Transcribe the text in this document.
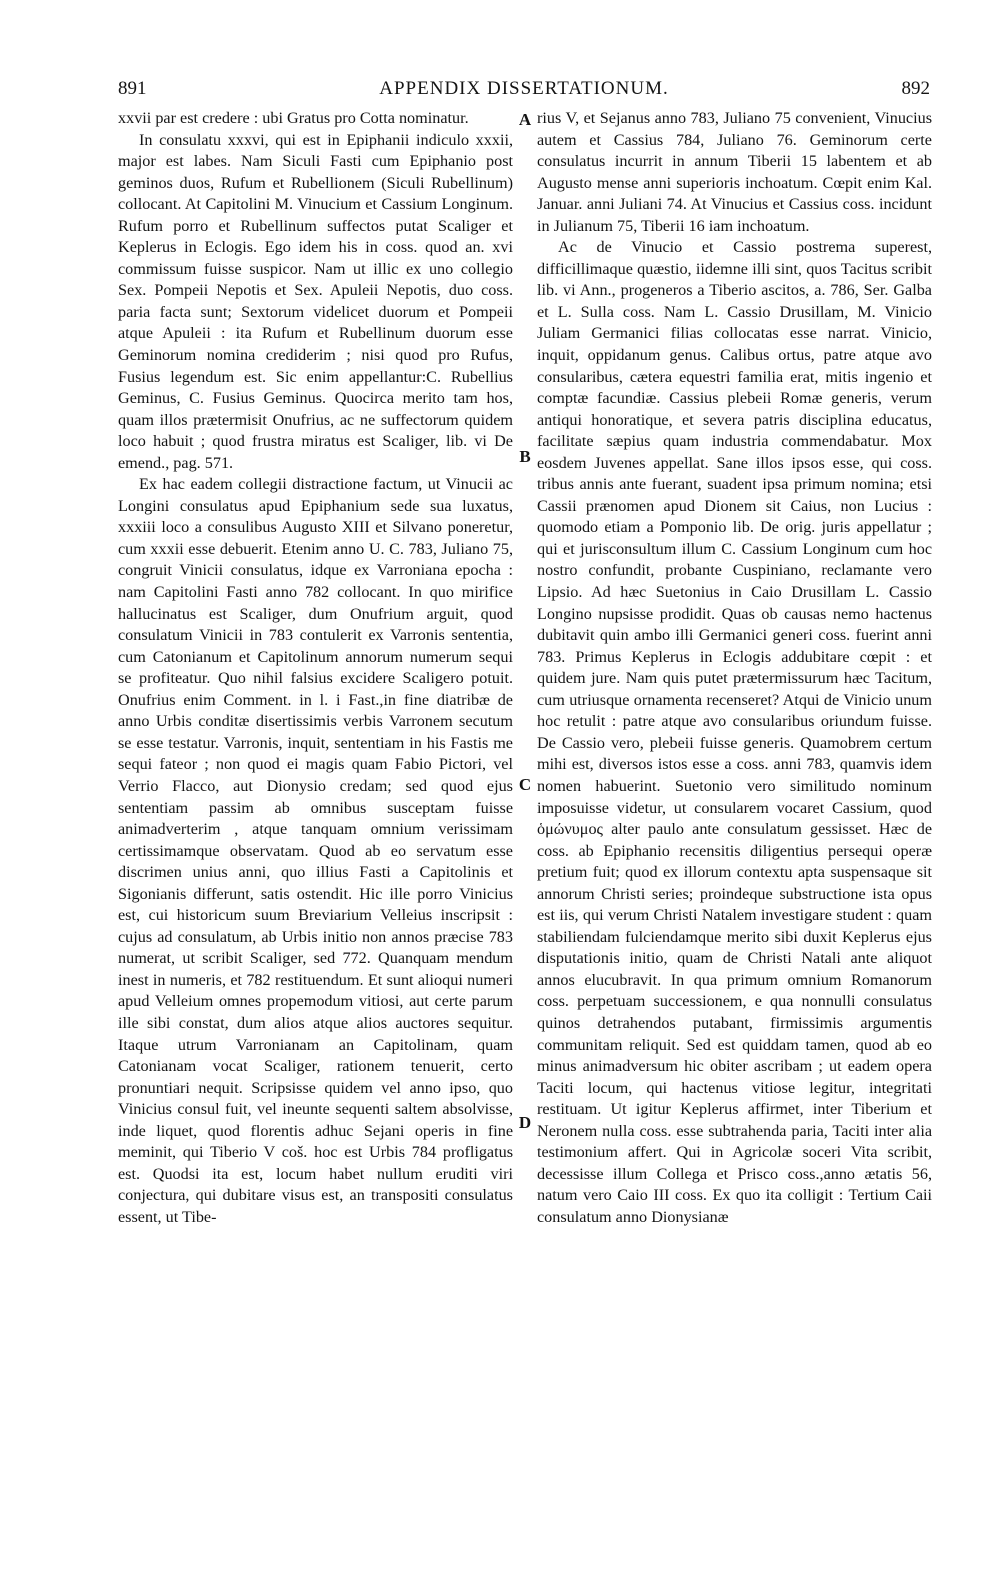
891	APPENDIX DISSERTATIONUM.	892

xxvii par est credere : ubi Gratus pro Cotta nominatur.

In consulatu xxxvi, qui est in Epiphanii indiculo xxxii, major est labes. Nam Siculi Fasti cum Epiphanio post geminos duos, Rufum et Rubellionem (Siculi Rubellinum) collocant. At Capitolini M. Vinucium et Cassium Longinum. Rufum porro et Rubellinum suffectos putat Scaliger et Keplerus in Eclogis. Ego idem his in coss. quod an. xvi commissum fuisse suspicor. Nam ut illic ex uno collegio Sex. Pompeii Nepotis et Sex. Apuleii Nepotis, duo coss. paria facta sunt; Sextorum videlicet duorum et Pompeii atque Apuleii : ita Rufum et Rubellinum duorum esse Geminorum nomina crediderim ; nisi quod pro Rufus, Fusius legendum est. Sic enim appellantur:C. Rubellius Geminus, C. Fusius Geminus. Quocirca merito tam hos, quam illos prætermisit Onufrius, ac ne suffectorum quidem loco habuit ; quod frustra miratus est Scaliger, lib. vi De emend., pag. 571.

Ex hac eadem collegii distractione factum, ut Vinucii ac Longini consulatus apud Epiphanium sede sua luxatus, xxxiii loco a consulibus Augusto XIII et Silvano poneretur, cum xxxii esse debuerit. Etenim anno U. C. 783, Juliano 75, congruit Vinicii consulatus, idque ex Varroniana epocha : nam Capitolini Fasti anno 782 collocant. In quo mirifice hallucinatus est Scaliger, dum Onufrium arguit, quod consulatum Vinicii in 783 contulerit ex Varronis sententia, cum Catonianum et Capitolinum annorum numerum sequi se profiteatur. Quo nihil falsius excidere Scaligero potuit. Onufrius enim Comment. in l. i Fast.,in fine diatribæ de anno Urbis conditæ disertissimis verbis Varronem secutum se esse testatur. Varronis, inquit, sententiam in his Fastis me sequi fateor ; non quod ei magis quam Fabio Pictori, vel Verrio Flacco, aut Dionysio credam; sed quod ejus sententiam passim ab omnibus susceptam fuisse animadverterim , atque tanquam omnium verissimam certissimamque observatam. Quod ab eo servatum esse discrimen unius anni, quo illius Fasti a Capitolinis et Sigonianis differunt, satis ostendit. Hic ille porro Vinicius est, cui historicum suum Breviarium Velleius inscripsit : cujus ad consulatum, ab Urbis initio non annos præcise 783 numerat, ut scribit Scaliger, sed 772. Quanquam mendum inest in numeris, et 782 restituendum. Et sunt alioqui numeri apud Velleium omnes propemodum vitiosi, aut certe parum ille sibi constat, dum alios atque alios auctores sequitur. Itaque utrum Varronianam an Capitolinam, quam Catonianam vocat Scaliger, rationem tenuerit, certo pronuntiari nequit. Scripsisse quidem vel anno ipso, quo Vinicius consul fuit, vel ineunte sequenti saltem absolvisse, inde liquet, quod florentis adhuc Sejani operis in fine meminit, qui Tiberio V coš. hoc est Urbis 784 profligatus est. Quodsi ita est, locum habet nullum eruditi viri conjectura, qui dubitare visus est, an transpositi consulatus essent, ut Tibe-

rius V, et Sejanus anno 783, Juliano 75 convenient, Vinucius autem et Cassius 784, Juliano 76. Geminorum certe consulatus incurrit in annum Tiberii 15 labentem et ab Augusto mense anni superioris inchoatum. Cœpit enim Kal. Januar. anni Juliani 74. At Vinucius et Cassius coss. incidunt in Julianum 75, Tiberii 16 iam inchoatum.

Ac de Vinucio et Cassio postrema superest, difficillimaque quæstio, iidemne illi sint, quos Tacitus scribit lib. vi Ann., progeneros a Tiberio ascitos, a. 786, Ser. Galba et L. Sulla coss. Nam L. Cassio Drusillam, M. Vinicio Juliam Germanici filias collocatas esse narrat. Vinicio, inquit, oppidanum genus. Calibus ortus, patre atque avo consularibus, cætera equestri familia erat, mitis ingenio et comptæ facundiæ. Cassius plebeii Romæ generis, verum antiqui honoratique, et severa patris disciplina educatus, facilitate sæpius quam industria commendabatur. Mox eosdem Juvenes appellat. Sane illos ipsos esse, qui coss. tribus annis ante fuerant, suadent ipsa primum nomina; etsi Cassii prænomen apud Dionem sit Caius, non Lucius : quomodo etiam a Pomponio lib. De orig. juris appellatur ; qui et jurisconsultum illum C. Cassium Longinum cum hoc nostro confundit, probante Cuspiniano, reclamante vero Lipsio. Ad hæc Suetonius in Caio Drusillam L. Cassio Longino nupsisse prodidit. Quas ob causas nemo hactenus dubitavit quin ambo illi Germanici generi coss. fuerint anni 783. Primus Keplerus in Eclogis addubitare cœpit : et quidem jure. Nam quis putet prætermissurum hæc Tacitum, cum utriusque ornamenta recenseret? Atqui de Vinicio unum hoc retulit : patre atque avo consularibus oriundum fuisse. De Cassio vero, plebeii fuisse generis. Quamobrem certum mihi est, diversos istos esse a coss. anni 783, quamvis idem nomen habuerint. Suetonio vero similitudo nominum imposuisse videtur, ut consularem vocaret Cassium, quod ὁμώνυμος alter paulo ante consulatum gessisset. Hæc de coss. ab Epiphanio recensitis diligentius persequi operæ pretium fuit; quod ex illorum contextu apta suspensaque sit annorum Christi series; proindeque substructione ista opus est iis, qui verum Christi Natalem investigare student : quam stabiliendam fulciendamque merito sibi duxit Keplerus ejus disputationis initio, quam de Christi Natali ante aliquot annos elucubravit. In qua primum omnium Romanorum coss. perpetuam successionem, e qua nonnulli consulatus quinos detrahendos putabant, firmissimis argumentis communitam reliquit. Sed est quiddam tamen, quod ab eo minus animadversum hic obiter ascribam ; ut eadem opera Taciti locum, qui hactenus vitiose legitur, integritati restituam. Ut igitur Keplerus affirmet, inter Tiberium et Neronem nulla coss. esse subtrahenda paria, Taciti inter alia testimonium affert. Qui in Agricolæ soceri Vita scribit, decessisse illum Collega et Prisco coss.,anno ætatis 56, natum vero Caio III coss. Ex quo ita colligit : Tertium Caii consulatum anno Dionysianæ

A
B
C
D
